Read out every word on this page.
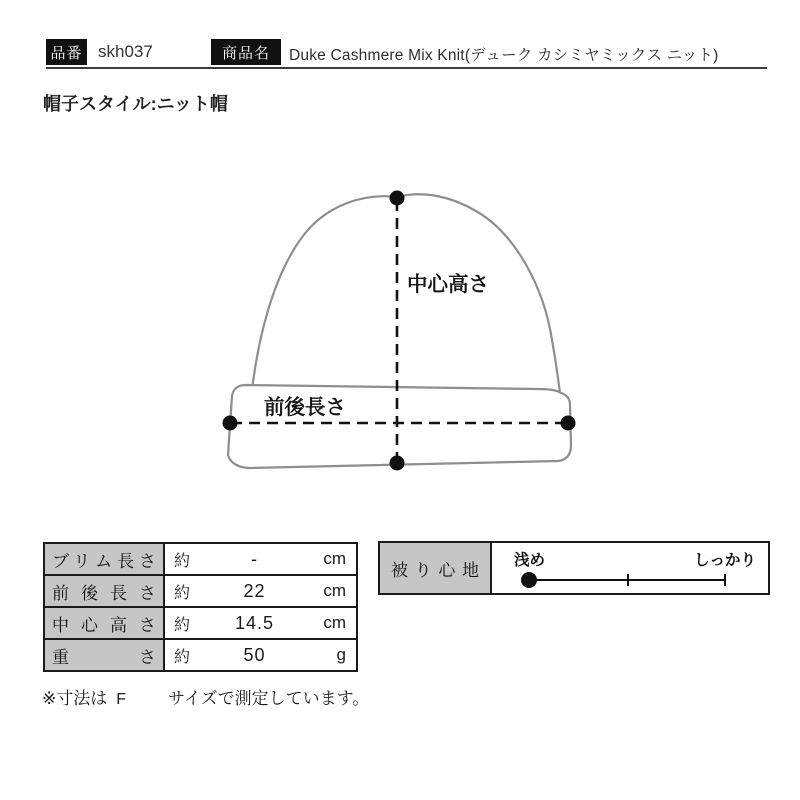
品番 skh037	商品名 Duke Cashmere Mix Knit(デューク カシミヤミックス ニット)
帽子スタイル:ニット帽
中心高さ
前後長さ
ブリム長さ	約 - cm

前後長さ	約 22 cm

中心高さ	約 14.5 cm

重さ	約 50 g
被り心地	浅め	しっかり
※寸法は F サイズで測定しています。
